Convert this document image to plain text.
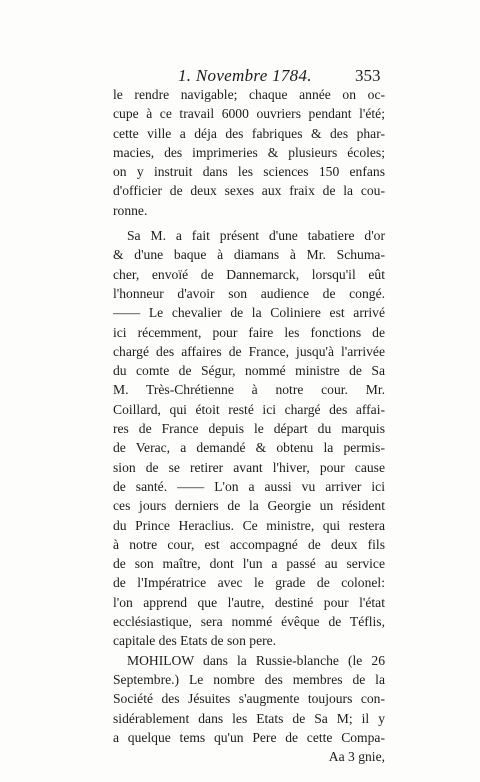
1. Novembre 1784.	353
le rendre navigable; chaque année on oc-
cupe à ce travail 6000 ouvriers pendant l'été;
cette ville a déja des fabriques & des phar-
macies, des imprimeries & plusieurs écoles;
on y instruit dans les sciences 150 enfans
d'officier de deux sexes aux fraix de la cou-
ronne.
Sa M. a fait présent d'une tabatiere d'or
& d'une baque à diamans à Mr. Schuma-
cher, envoïé de Dannemarck, lorsqu'il eût
l'honneur d'avoir son audience de congé.
—— Le chevalier de la Coliniere est arrivé
ici récemment, pour faire les fonctions de
chargé des affaires de France, jusqu'à l'arrivée
du comte de Ségur, nommé ministre de Sa
M. Très-Chrétienne à notre cour. Mr.
Coillard, qui étoit resté ici chargé des affai-
res de France depuis le départ du marquis
de Verac, a demandé & obtenu la permis-
sion de se retirer avant l'hiver, pour cause
de santé. —— L'on a aussi vu arriver ici
ces jours derniers de la Georgie un résident
du Prince Heraclius. Ce ministre, qui restera
à notre cour, est accompagné de deux fils
de son maître, dont l'un a passé au service
de l'Impératrice avec le grade de colonel:
l'on apprend que l'autre, destiné pour l'état
ecclésiastique, sera nommé évêque de Téflis,
capitale des Etats de son pere.
MOHILOW dans la Russie-blanche (le 26
Septembre.) Le nombre des membres de la
Société des Jésuites s'augmente toujours con-
sidérablement dans les Etats de Sa M; il y
a quelque tems qu'un Pere de cette Compa-
Aa 3 gnie,
